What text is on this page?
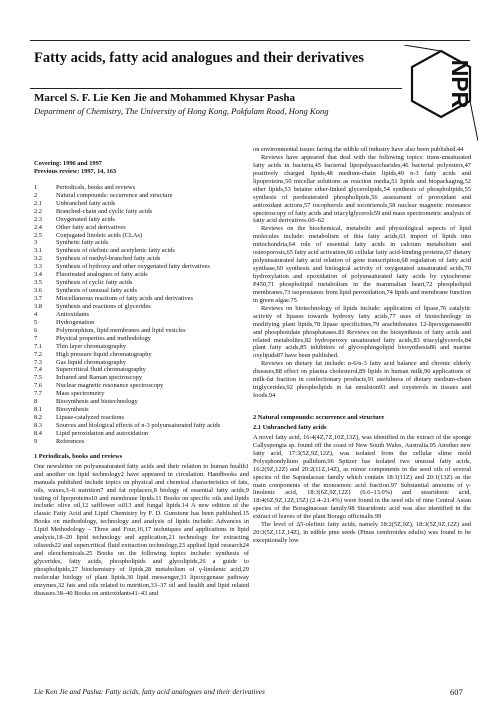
Fatty acids, fatty acid analogues and their derivatives
Marcel S. F. Lie Ken Jie and Mohammed Khysar Pasha
Department of Chemistry, The University of Hong Kong, Pokfulam Road, Hong Kong
NPR
Covering: 1996 and 1997
Previous review: 1997, 14, 163
1	Periodicals, books and reviews
2	Natural compounds: occurrence and structure
2.1	Unbranched fatty acids
2.2	Branched-chain and cyclic fatty acids
2.3	Oxygenated fatty acids
2.4	Other fatty acid derivatives
2.5	Conjugated linoleic acids (CLAs)
3	Synthetic fatty acids
3.1	Synthesis of olefinic and acetylenic fatty acids
3.2	Synthesis of methyl-branched fatty acids
3.3	Synthesis of hydroxy and other oxygenated fatty derivatives
3.4	Fluorinated analogues of fatty acids
3.5	Synthesis of cyclic fatty acids
3.6	Synthesis of unusual fatty acids
3.7	Miscellaneous reactions of fatty acids and derivatives
3.8	Synthesis and reactions of glycerides
4	Antioxidants
5	Hydrogenation
6	Polymorphism, lipid membranes and lipid vesicles
7	Physical properties and methodology
7.1	Thin layer chromatography
7.2	High pressure liquid chromatography
7.3	Gas liquid chromatography
7.4	Supercritical fluid chromatography
7.5	Infrared and Raman spectroscopy
7.6	Nuclear magnetic resonance spectroscopy
7.7	Mass spectrometry
8	Biosynthesis and biotechnology
8.1	Biosynthesis
8.2	Lipase-catalyzed reactions
8.3	Sources and biological effects of n-3 polyunsaturated fatty acids
8.4	Lipid peroxidation and autoxidation
9	References
1 Periodicals, books and reviews

One newsletter on polyunsaturated fatty acids and their relation to human health1 and another on lipid technology2 have appeared in circulation. Handbooks and manuals published include topics on physical and chemical characteristics of fats, oils, waxes,3–6 nutrition7 and fat replacers,8 biology of essential fatty acids,9 testing of lipoproteins10 and membrane lipids.11 Books on specific oils and lipids include: olive oil,12 safflower oil13 and fungal lipids.14 A new edition of the classic Fatty Acid and Lipid Chemistry by F. D. Gunstone has been published.15 Books on methodology, technology and analysis of lipids include: Advances in Lipid Methodology – Three and Four,16,17 techniques and applications in lipid analysis,18–20 lipid technology and application,21 technology for extracting oilseeds22 and supercritical fluid extraction technology,23 applied lipid research24 and oleochemicals.25 Books on the following topics include: synthesis of glycerides, fatty acids, phospholipids and glycolipids,26 a guide to phospholipids,27 biochemistry of lipids,28 metabolism of γ-linolenic acid,29 molecular biology of plant lipids,30 lipid messenger,31 lipoxygenase pathway enzymes,32 fats and oils related to nutrition,33–37 oil and health and lipid related diseases.38–40 Books on antioxidants41–43 and

on environmental issues facing the edible oil industry have also been published.44

Reviews have appeared that deal with the following topics: trans-unsaturated fatty acids in bacteria,45 bacterial lipopolysaccharides,46 bacterial polyesters,47 positively charged lipids,48 medium-chain lipids,49 n-3 fatty acids and lipoproteins,50 micellar solutions as reaction media,51 lipids and biopackaging,52 ether lipids,53 betaine ether-linked glycerolipids,54 synthesis of phospholipids,55 synthesis of perdeuterated phospholipids,56 assessment of prooxidant and antioxidant actions,57 tocopherols and tocotrienols,58 nuclear magnetic resonance spectroscopy of fatty acids and triacylglycerols59 and mass spectrometric analysis of fatty acid derivatives.60–62

Reviews on the biochemical, metabolic and physiological aspects of lipid molecules include: metabolism of thia fatty acids,63 import of lipids into mitochondria,64 role of essential fatty acids in calcium metabolism and osteoporosis,65 fatty acid activation,66 cellular fatty acid-binding proteins,67 dietary polyunsaturated fatty acid relation of gene transcription,68 regulation of fatty acid synthase,69 synthesis and biological activity of oxygenated unsaturated acids,70 hydroxylation and epoxidation of polyunsaturated fatty acids by cytochrome P450,71 phospholipid metabolism in the mammalian heart,72 phospholipid membranes,73 isoprostanes from lipid peroxidation,74 lipids and membrane function in green algae.75

Reviews on biotechnology of lipids include: application of lipase,76 catalytic activity of lipases towards hydroxy fatty acids,77 uses of biotechnology in modifying plant lipids,78 lipase specificities,79 arachidonates 12-lipoxygenases80 and phosphotidate phosphatases.81 Reviews on the biosynthesis of fatty acids and related metabolites,82 hydroperoxy unsaturated fatty acids,83 triacylglycerols,84 plant fatty acids,85 inhibitors of glycosphingolipid biosynthesis86 and marine oxylipids87 have been published.

Reviews on dietary fat include: n-6/n-3 fatty acid balance and chronic elderly diseases,88 effect on plasma cholesterol,89 lipids in human milk,90 applications of milk-fat fraction in confectionary products,91 usefulness of dietary medium-chain triglycerides,92 phospholipids in fat emulsion93 and oxysterols in tissues and foods.94

2 Natural compounds: occurrence and structure
2.1 Unbranched fatty acids

A novel fatty acid, 16:4(4Z,7Z,10Z,13Z), was identified in the extract of the sponge Callyspongia sp. found off the coast of New South Wales, Australia.95 Another new fatty acid, 17:3(5Z,9Z,12Z), was isolated from the cellular slime mold Polysphondylium pallidum.96 Spitzer has isolated two unusual fatty acids, 16:2(9Z,12Z) and 20:2(11Z,14Z), as minor components in the seed oils of several species of the Sapindaceae family which contain 18:1(11Z) and 20:1(13Z) as the main components of the monoenoic acid fraction.97 Substantial amounts of γ-linolenic acid, 18:3(6Z,9Z,12Z) (6.6–13.0%) and stearidonic acid, 18:4(6Z,9Z,12Z,15Z) (2.4–21.4%) were found in the seed oils of nine Central Asian species of the Boraginaceae family.98 Stearidonic acid was also identified in the extract of leaves of the plant Borago officinalis.99

The level of Δ5-olefinic fatty acids, namely 18:2(5Z,9Z), 18:3(5Z,9Z,12Z) and 20:3(5Z,11Z,14Z), in edible pine seeds (Pinus cembroides edulis) was found to be exceptionally low

Lie Ken Jie and Pasha: Fatty acids, fatty acid analogues and their derivatives	607
